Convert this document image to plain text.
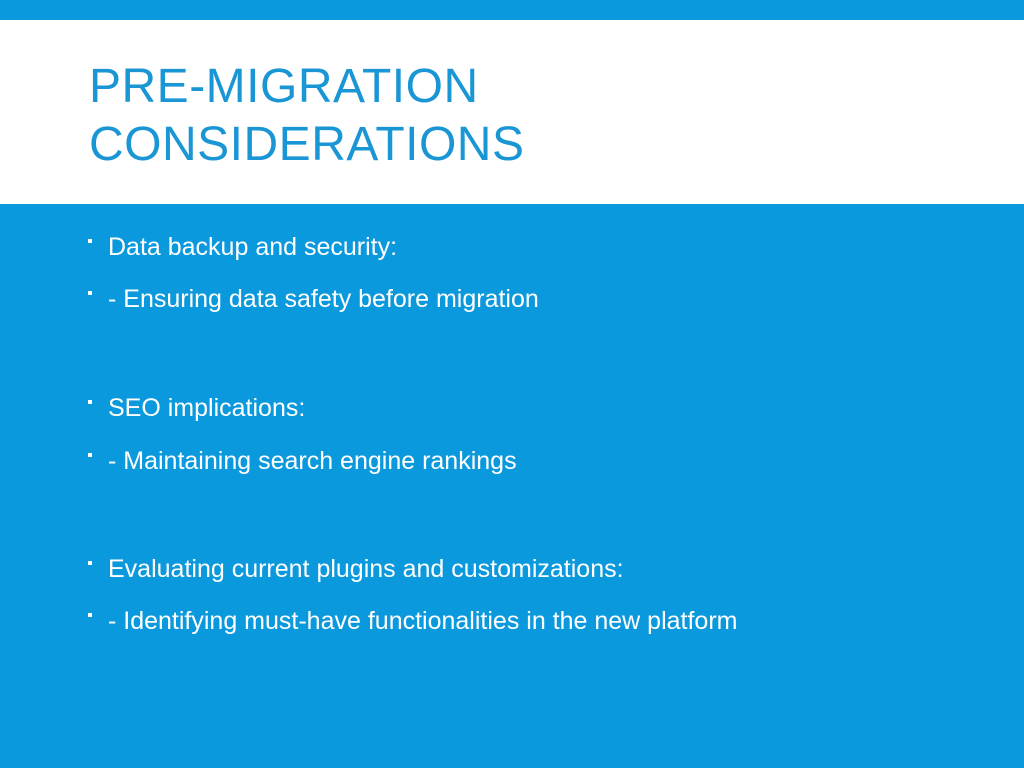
PRE-MIGRATION
CONSIDERATIONS
Data backup and security:
- Ensuring data safety before migration
SEO implications:
- Maintaining search engine rankings
Evaluating current plugins and customizations:
- Identifying must-have functionalities in the new platform
